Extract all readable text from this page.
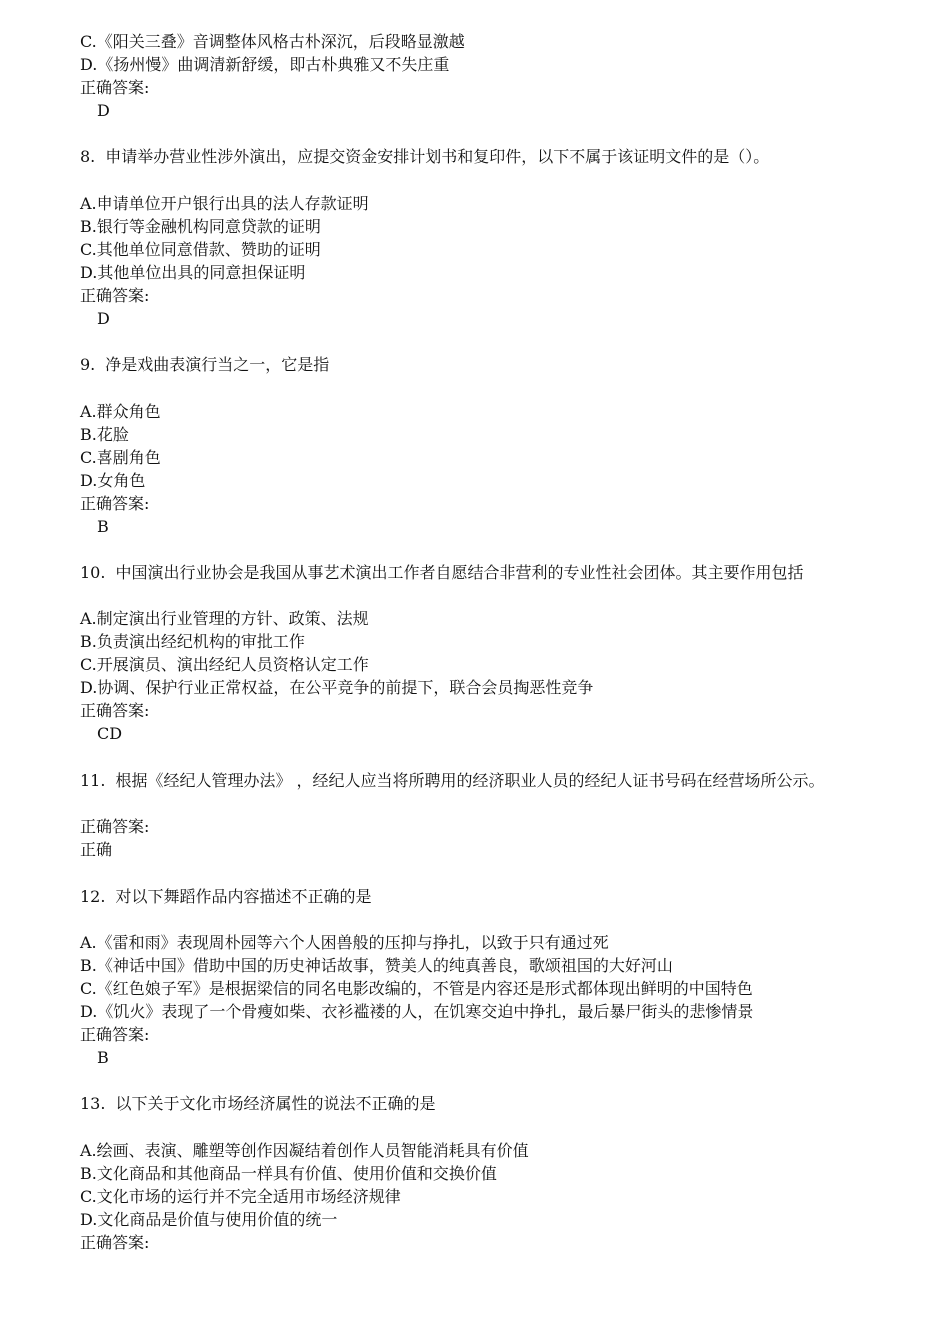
C.《阳关三叠》音调整体风格古朴深沉，后段略显激越
D.《扬州慢》曲调清新舒缓，即古朴典雅又不失庄重
正确答案:
D
8. 申请举办营业性涉外演出，应提交资金安排计划书和复印件，以下不属于该证明文件的是（）。
A.申请单位开户银行出具的法人存款证明
B.银行等金融机构同意贷款的证明
C.其他单位同意借款、赞助的证明
D.其他单位出具的同意担保证明
正确答案:
D
9. 净是戏曲表演行当之一，它是指
A.群众角色
B.花脸
C.喜剧角色
D.女角色
正确答案:
B
10. 中国演出行业协会是我国从事艺术演出工作者自愿结合非营利的专业性社会团体。其主要作用包括
A.制定演出行业管理的方针、政策、法规
B.负责演出经纪机构的审批工作
C.开展演员、演出经纪人员资格认定工作
D.协调、保护行业正常权益，在公平竞争的前提下，联合会员掏恶性竞争
正确答案:
CD
11. 根据《经纪人管理办法》 ，经纪人应当将所聘用的经济职业人员的经纪人证书号码在经营场所公示。
正确答案:
正确
12. 对以下舞蹈作品内容描述不正确的是
A.《雷和雨》表现周朴园等六个人困兽般的压抑与挣扎，以致于只有通过死
B.《神话中国》借助中国的历史神话故事，赞美人的纯真善良，歌颂祖国的大好河山
C.《红色娘子军》是根据梁信的同名电影改编的，不管是内容还是形式都体现出鲜明的中国特色
D.《饥火》表现了一个骨瘦如柴、衣衫褴褛的人，在饥寒交迫中挣扎，最后暴尸街头的悲惨情景
正确答案:
B
13. 以下关于文化市场经济属性的说法不正确的是
A.绘画、表演、雕塑等创作因凝结着创作人员智能消耗具有价值
B.文化商品和其他商品一样具有价值、使用价值和交换价值
C.文化市场的运行并不完全适用市场经济规律
D.文化商品是价值与使用价值的统一
正确答案:
